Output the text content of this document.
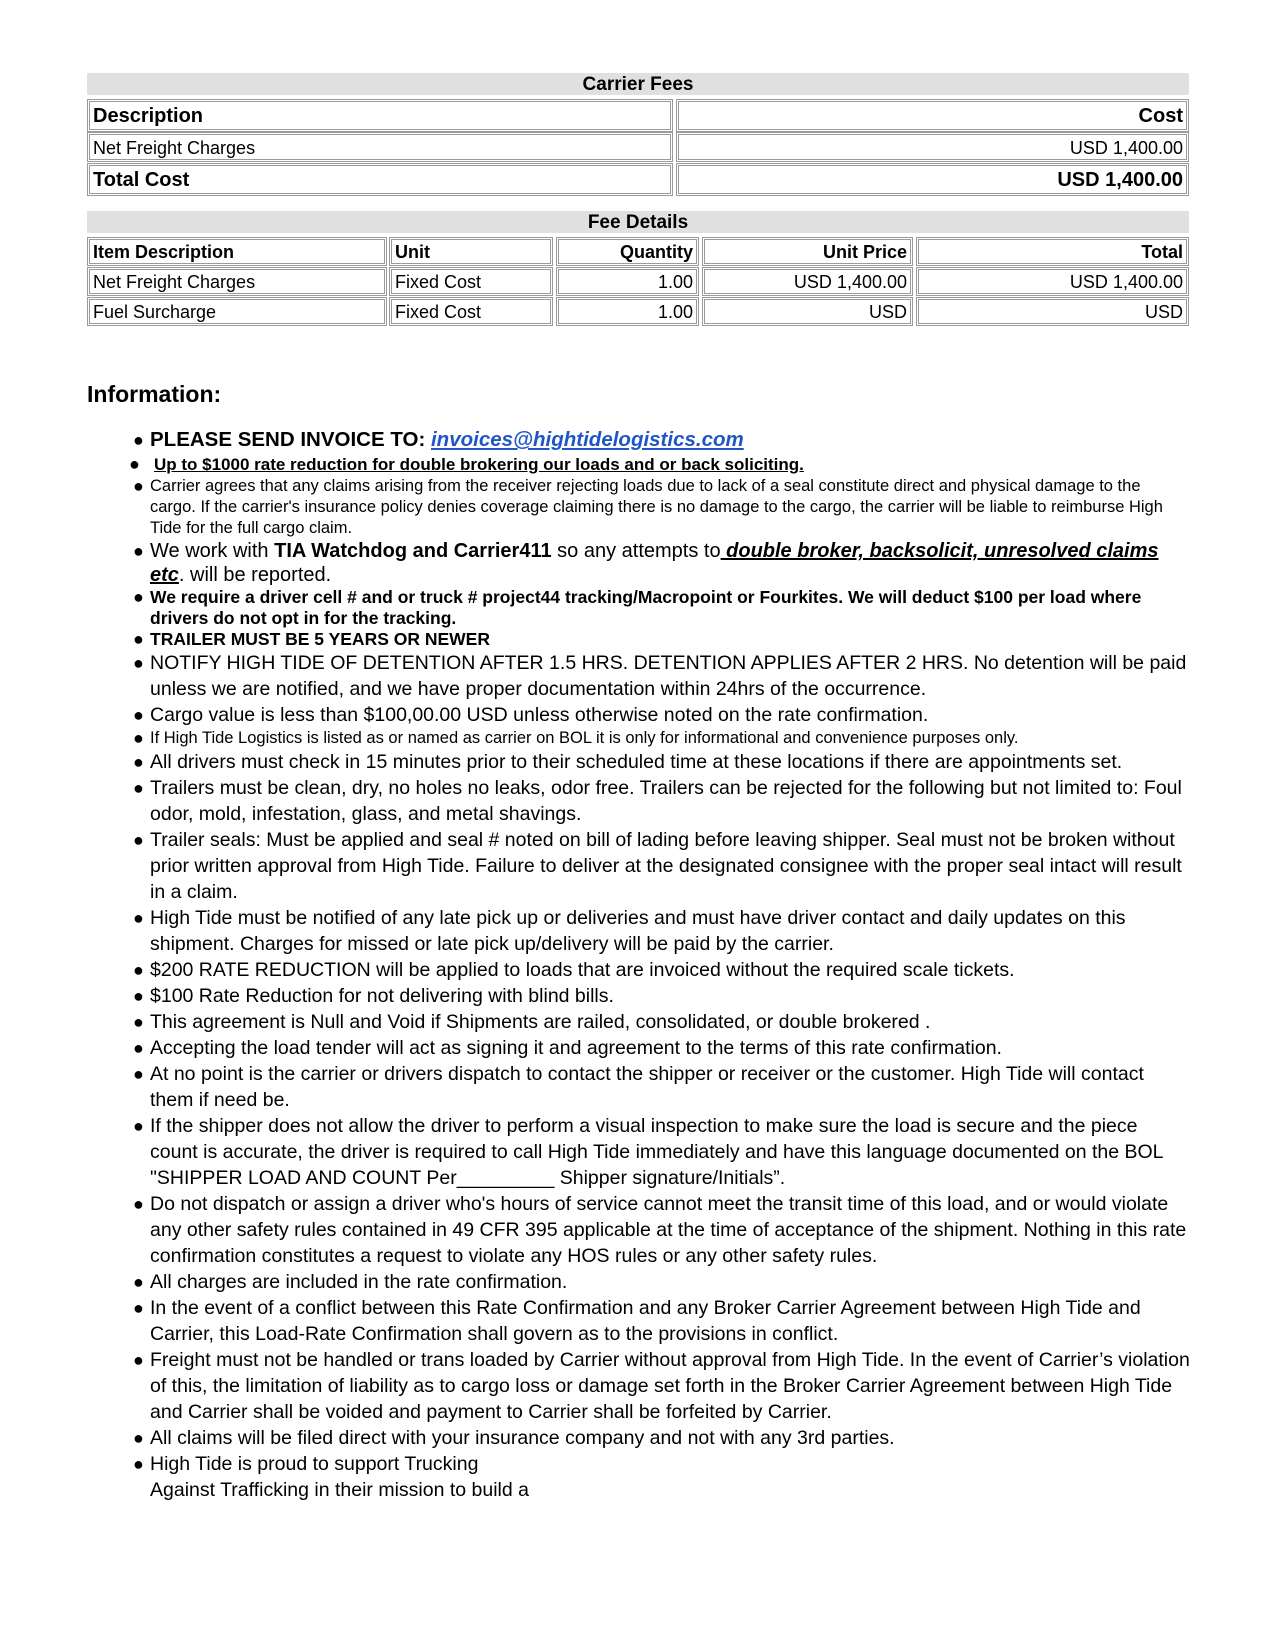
Carrier Fees
Description	Cost
Net Freight Charges	USD 1,400.00
Total Cost	USD 1,400.00
Fee Details
Item Description	Unit	Quantity	Unit Price	Total
Net Freight Charges	Fixed Cost	1.00	USD 1,400.00	USD 1,400.00
Fuel Surcharge	Fixed Cost	1.00	USD	USD
Information:
● PLEASE SEND INVOICE TO: invoices@hightidelogistics.com
● Up to $1000 rate reduction for double brokering our loads and or back soliciting.
● Carrier agrees that any claims arising from the receiver rejecting loads due to lack of a seal constitute direct and physical damage to the cargo. If the carrier's insurance policy denies coverage claiming there is no damage to the cargo, the carrier will be liable to reimburse High Tide for the full cargo claim.
● We work with TIA Watchdog and Carrier411 so any attempts to double broker, backsolicit, unresolved claims etc. will be reported.
● We require a driver cell # and or truck # project44 tracking/Macropoint or Fourkites. We will deduct $100 per load where drivers do not opt in for the tracking.
● TRAILER MUST BE 5 YEARS OR NEWER
● NOTIFY HIGH TIDE OF DETENTION AFTER 1.5 HRS. DETENTION APPLIES AFTER 2 HRS. No detention will be paid unless we are notified, and we have proper documentation within 24hrs of the occurrence.
● Cargo value is less than $100,00.00 USD unless otherwise noted on the rate confirmation.
● If High Tide Logistics is listed as or named as carrier on BOL it is only for informational and convenience purposes only.
● All drivers must check in 15 minutes prior to their scheduled time at these locations if there are appointments set.
● Trailers must be clean, dry, no holes no leaks, odor free. Trailers can be rejected for the following but not limited to: Foul odor, mold, infestation, glass, and metal shavings.
● Trailer seals: Must be applied and seal # noted on bill of lading before leaving shipper. Seal must not be broken without prior written approval from High Tide. Failure to deliver at the designated consignee with the proper seal intact will result in a claim.
● High Tide must be notified of any late pick up or deliveries and must have driver contact and daily updates on this shipment. Charges for missed or late pick up/delivery will be paid by the carrier.
● $200 RATE REDUCTION will be applied to loads that are invoiced without the required scale tickets.
● $100 Rate Reduction for not delivering with blind bills.
● This agreement is Null and Void if Shipments are railed, consolidated, or double brokered .
● Accepting the load tender will act as signing it and agreement to the terms of this rate confirmation.
● At no point is the carrier or drivers dispatch to contact the shipper or receiver or the customer. High Tide will contact them if need be.
● If the shipper does not allow the driver to perform a visual inspection to make sure the load is secure and the piece count is accurate, the driver is required to call High Tide immediately and have this language documented on the BOL "SHIPPER LOAD AND COUNT Per_________ Shipper signature/Initials”.
● Do not dispatch or assign a driver who's hours of service cannot meet the transit time of this load, and or would violate any other safety rules contained in 49 CFR 395 applicable at the time of acceptance of the shipment. Nothing in this rate confirmation constitutes a request to violate any HOS rules or any other safety rules.
● All charges are included in the rate confirmation.
● In the event of a conflict between this Rate Confirmation and any Broker Carrier Agreement between High Tide and Carrier, this Load-Rate Confirmation shall govern as to the provisions in conflict.
● Freight must not be handled or trans loaded by Carrier without approval from High Tide. In the event of Carrier’s violation of this, the limitation of liability as to cargo loss or damage set forth in the Broker Carrier Agreement between High Tide and Carrier shall be voided and payment to Carrier shall be forfeited by Carrier.
● All claims will be filed direct with your insurance company and not with any 3rd parties.
● High Tide is proud to support Trucking
Against Trafficking in their mission to build a
